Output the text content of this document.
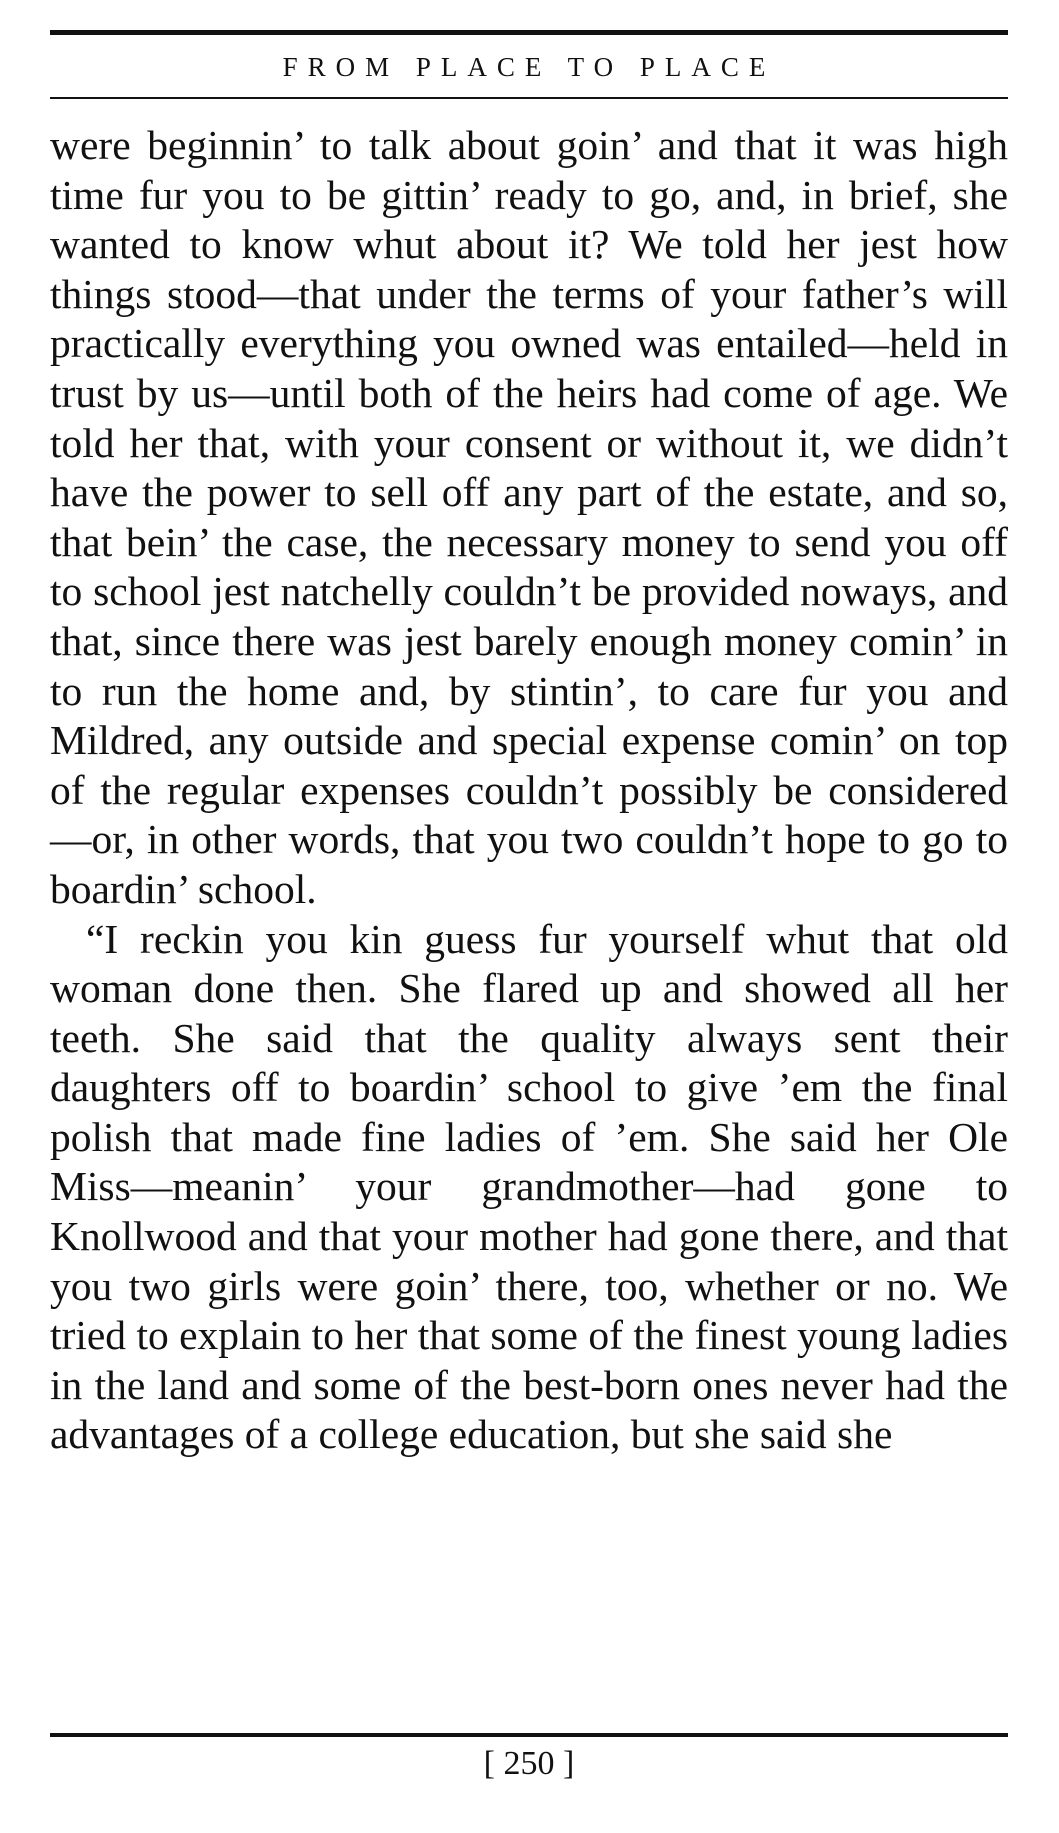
FROM PLACE TO PLACE

were beginnin’ to talk about goin’ and that it was high time fur you to be gittin’ ready to go, and, in brief, she wanted to know whut about it? We told her jest how things stood—that under the terms of your father’s will practically everything you owned was entailed—held in trust by us—until both of the heirs had come of age. We told her that, with your consent or without it, we didn’t have the power to sell off any part of the estate, and so, that bein’ the case, the necessary money to send you off to school jest natchelly couldn’t be provided noways, and that, since there was jest barely enough money comin’ in to run the home and, by stintin’, to care fur you and Mildred, any outside and special expense comin’ on top of the regular expenses couldn’t possibly be considered—or, in other words, that you two couldn’t hope to go to boardin’ school.

“I reckin you kin guess fur yourself whut that old woman done then. She flared up and showed all her teeth. She said that the quality always sent their daughters off to boardin’ school to give ’em the final polish that made fine ladies of ’em. She said her Ole Miss—meanin’ your grandmother—had gone to Knollwood and that your mother had gone there, and that you two girls were goin’ there, too, whether or no. We tried to explain to her that some of the finest young ladies in the land and some of the best-born ones never had the advantages of a college education, but she said she

[ 250 ]
